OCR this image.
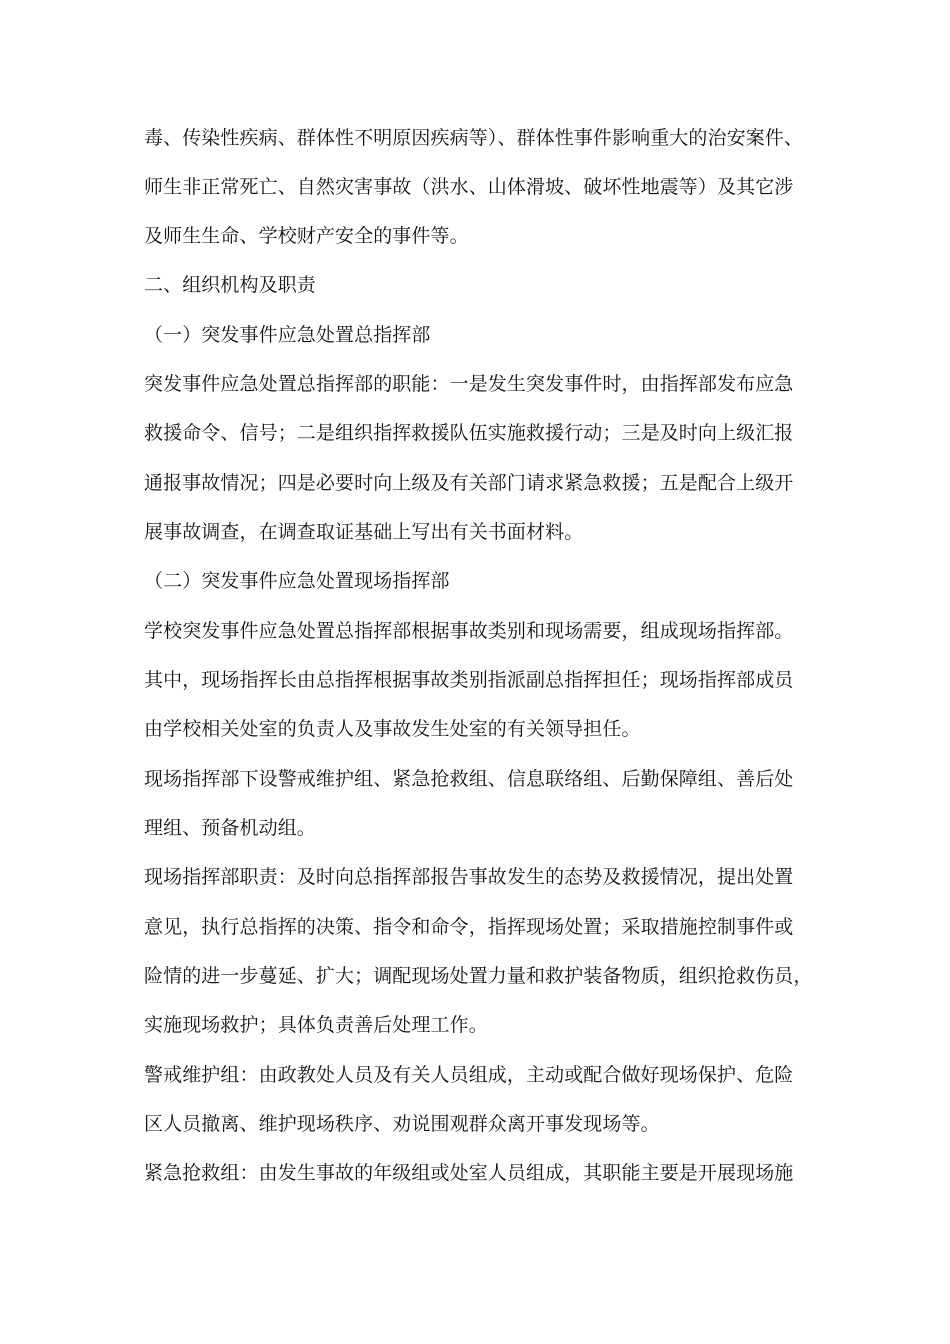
毒、传染性疾病、群体性不明原因疾病等）、群体性事件影响重大的治安案件、

师生非正常死亡、自然灾害事故（洪水、山体滑坡、破坏性地震等）及其它涉

及师生生命、学校财产安全的事件等。

二、组织机构及职责

（一）突发事件应急处置总指挥部

突发事件应急处置总指挥部的职能：一是发生突发事件时，由指挥部发布应急

救援命令、信号；二是组织指挥救援队伍实施救援行动；三是及时向上级汇报

通报事故情况；四是必要时向上级及有关部门请求紧急救援；五是配合上级开

展事故调查，在调查取证基础上写出有关书面材料。

（二）突发事件应急处置现场指挥部

学校突发事件应急处置总指挥部根据事故类别和现场需要，组成现场指挥部。

其中，现场指挥长由总指挥根据事故类别指派副总指挥担任；现场指挥部成员

由学校相关处室的负责人及事故发生处室的有关领导担任。

现场指挥部下设警戒维护组、紧急抢救组、信息联络组、后勤保障组、善后处

理组、预备机动组。

现场指挥部职责：及时向总指挥部报告事故发生的态势及救援情况，提出处置

意见，执行总指挥的决策、指令和命令，指挥现场处置；采取措施控制事件或

险情的进一步蔓延、扩大；调配现场处置力量和救护装备物质，组织抢救伤员，

实施现场救护；具体负责善后处理工作。

警戒维护组：由政教处人员及有关人员组成，主动或配合做好现场保护、危险

区人员撤离、维护现场秩序、劝说围观群众离开事发现场等。

紧急抢救组：由发生事故的年级组或处室人员组成，其职能主要是开展现场施
